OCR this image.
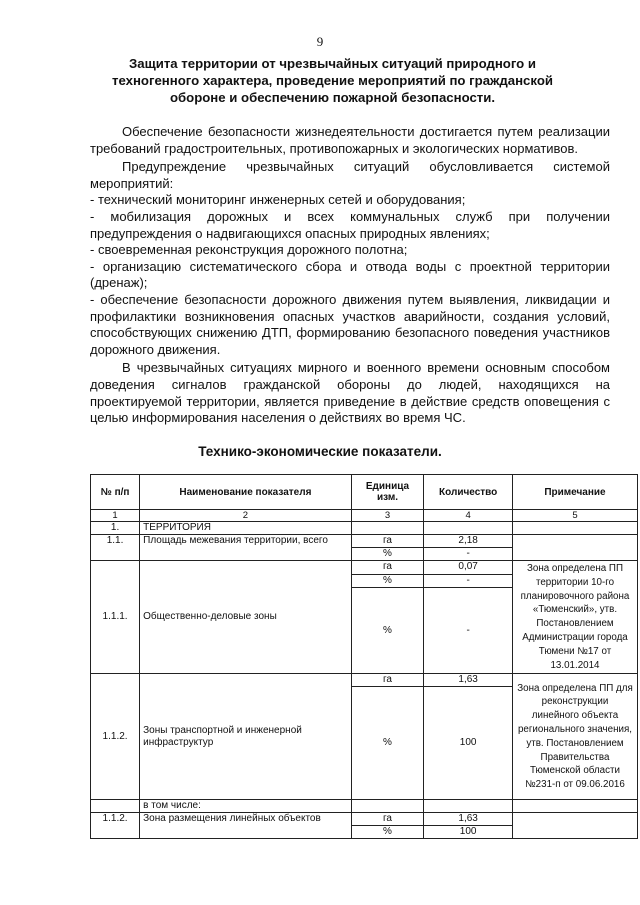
9
Защита территории от чрезвычайных ситуаций природного и техногенного характера, проведение мероприятий по гражданской обороне и обеспечению пожарной безопасности.

Обеспечение безопасности жизнедеятельности достигается путем реализации требований градостроительных, противопожарных и экологических нормативов.

Предупреждение чрезвычайных ситуаций обусловливается системой мероприятий:

- технический мониторинг инженерных сетей и оборудования;
- мобилизация дорожных и всех коммунальных служб при получении предупреждения о надвигающихся опасных природных явлениях;
- своевременная реконструкция дорожного полотна;
- организацию систематического сбора и отвода воды с проектной территории (дренаж);
- обеспечение безопасности дорожного движения путем выявления, ликвидации и профилактики возникновения опасных участков аварийности, создания условий, способствующих снижению ДТП, формированию безопасного поведения участников дорожного движения.

В чрезвычайных ситуациях мирного и военного времени основным способом доведения сигналов гражданской обороны до людей, находящихся на проектируемой территории, является приведение в действие средств оповещения с целью информирования населения о действиях во время ЧС.

Технико-экономические показатели.
№ п/п	Наименование показателя	Единица изм.	Количество	Примечание
1	2	3	4	5
1.	ТЕРРИТОРИЯ			
1.1.	Площадь межевания территории, всего	га	2,18	
		%	-	
1.1.1.	Общественно-деловые зоны	га	0,07	Зона определена ПП территории 10-го планировочного района «Тюменский», утв. Постановлением Администрации города Тюмени №17 от 13.01.2014
		%	-	
		%	-	
1.1.2.	Зоны транспортной и инженерной инфраструктур	га	1,63	Зона определена ПП для реконструкции линейного объекта регионального значения, утв. Постановлением Правительства Тюменской области №231-п от 09.06.2016
		%	100	
	в том числе:			
1.1.2.	Зона размещения линейных объектов	га	1,63	
		%	100	
